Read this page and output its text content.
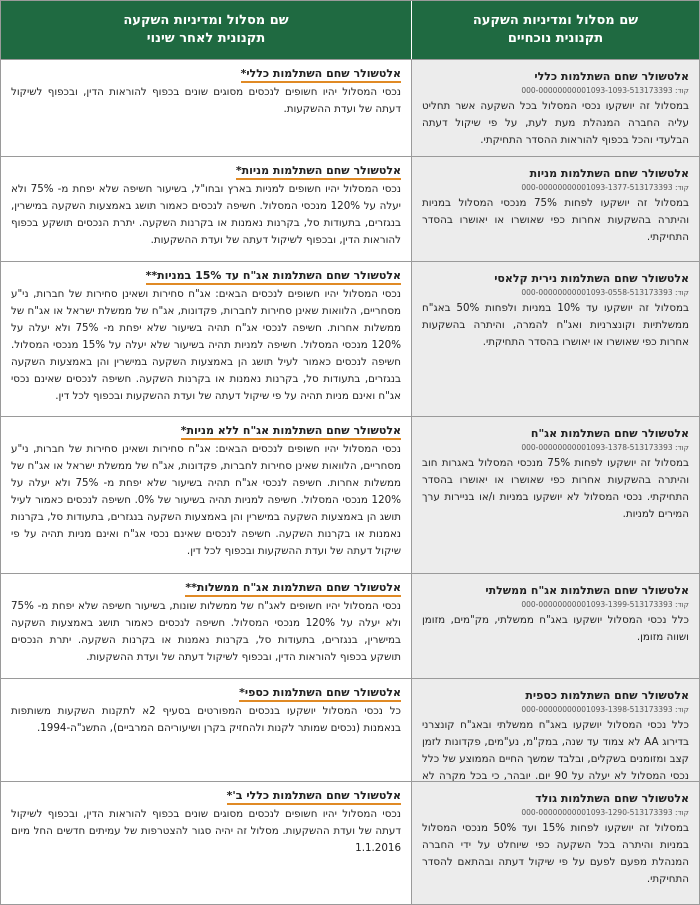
שם מסלול ומדיניות השקעה
תקנונית נוכחיים
שם מסלול ומדיניות השקעה
תקנונית לאחר שינוי
אלטשולר שחם השתלמות כללי
קוד: 000-00000000001093-1093-513173393
במסלול זה יושקעו נכסי המסלול בכל השקעה אשר תחליט עליה החברה המנהלת מעת לעת, על פי שיקול דעתה הבלעדי והכל בכפוף להוראות ההסדר התחיקתי.
אלטשולר שחם השתלמות כללי*
נכסי המסלול יהיו חשופים לנכסים מסוגים שונים בכפוף להוראות הדין, ובכפוף לשיקול דעתה של ועדת ההשקעות.
אלטשולר שחם השתלמות מניות
קוד: 000-00000000001093-1377-513173393
במסלול זה יושקעו לפחות 75% מנכסי המסלול במניות והיתרה בהשקעות אחרות כפי שאושרו או יאושרו בהסדר התחיקתי.
אלטשולר שחם השתלמות מניות*
נכסי המסלול יהיו חשופים למניות בארץ ובחו"ל, בשיעור חשיפה שלא יפחת מ- 75% ולא יעלה על 120% מנכסי המסלול. חשיפה לנכסים כאמור תושג באמצעות השקעה במישרין, בנגזרים, בתעודות סל, בקרנות נאמנות או בקרנות השקעה. יתרת הנכסים תושקע בכפוף להוראות הדין, ובכפוף לשיקול דעתה של ועדת ההשקעות.
אלטשולר שחם השתלמות נירית קלאסי
קוד: 000-00000000001093-0558-513173393
במסלול זה יושקעו עד 10% במניות ולפחות 50% באג"ח ממשלתיות וקונצרניות ואג"ח להמרה, והיתרה בהשקעות אחרות כפי שאושרו או יאושרו בהסדר התחיקתי.
אלטשולר שחם השתלמות אג"ח עד 15% במניות**
נכסי המסלול יהיו חשופים לנכסים הבאים: אג"ח סחירות ושאינן סחירות של חברות, ני"ע מסחריים, הלוואות שאינן סחירות לחברות, פקדונות, אג"ח של ממשלת ישראל או אג"ח של ממשלות אחרות. חשיפה לנכסי אג"ח תהיה בשיעור שלא יפחת מ- 75% ולא יעלה על 120% מנכסי המסלול. חשיפה למניות תהיה בשיעור שלא יעלה על 15% מנכסי המסלול. חשיפה לנכסים כאמור לעיל תושג הן באמצעות השקעה במישרין והן באמצעות השקעה בנגזרים, בתעודות סל, בקרנות נאמנות או בקרנות השקעה. חשיפה לנכסים שאינם נכסי אג"ח ואינם מניות תהיה על פי שיקול דעתה של ועדת ההשקעות ובכפוף לכל דין.
אלטשולר שחם השתלמות אג"ח
קוד: 000-00000000001093-1378-513173393
במסלול זה יושקעו לפחות 75% מנכסי המסלול באגרות חוב והיתרה בהשקעות אחרות כפי שאושרו או יאושרו בהסדר התחיקתי. נכסי המסלול לא יושקעו במניות ו/או בניירות ערך המירים למניות.
אלטשולר שחם השתלמות אג"ח ללא מניות*
נכסי המסלול יהיו חשופים לנכסים הבאים: אג"ח סחירות ושאינן סחירות של חברות, ני"ע מסחריים, הלוואות שאינן סחירות לחברות, פקדונות, אג"ח של ממשלת ישראל או אג"ח של ממשלות אחרות. חשיפה לנכסי אג"ח תהיה בשיעור שלא יפחת מ- 75% ולא יעלה על 120% מנכסי המסלול. חשיפה למניות תהיה בשיעור של 0%. חשיפה לנכסים כאמור לעיל תושג הן באמצעות השקעה במישרין והן באמצעות השקעה בנגזרים, בתעודות סל, בקרנות נאמנות או בקרנות השקעה. חשיפה לנכסים שאינם נכסי אג"ח ואינם מניות תהיה על פי שיקול דעתה של ועדת ההשקעות ובכפוף לכל דין.
אלטשולר שחם השתלמות אג"ח ממשלתי
קוד: 000-00000000001093-1399-513173393
כלל נכסי המסלול יושקעו באג"ח ממשלתי, מק"מים, מזומן ושווה מזומן.
אלטשולר שחם השתלמות אג"ח ממשלות**
נכסי המסלול יהיו חשופים לאג"ח של ממשלות שונות, בשיעור חשיפה שלא יפחת מ- 75% ולא יעלה על 120% מנכסי המסלול. חשיפה לנכסים כאמור תושג באמצעות השקעה במישרין, בנגזרים, בתעודות סל, בקרנות נאמנות או בקרנות השקעה. יתרת הנכסים תושקע בכפוף להוראות הדין, ובכפוף לשיקול דעתה של ועדת ההשקעות.
אלטשולר שחם השתלמות כספית
קוד: 000-00000000001093-1398-513173393
כלל נכסי המסלול יושקעו באג"ח ממשלתי ובאג"ח קונצרני בדירוג AA לא צמוד עד שנה, במק"מ, נע"מים, פקדונות לזמן קצב ומזומנים בשקלים, ובלבד שמשך החיים הממוצע של כלל נכסי המסלול לא יעלה על 90 יום. יובהר, כי בכל מקרה לא
אלטשולר שחם השתלמות כספי*
כל נכסי המסלול יושקעו בנכסים המפורטים בסעיף 2א לתקנות השקעות משותפות בנאמנות (נכסים שמותר לקנות ולהחזיק בקרן ושיעוריהם המרביים), התשנ"ה-1994.
אלטשולר שחם השתלמות גולד
קוד: 000-00000000001093-1290-513173393
במסלול זה יושקעו לפחות 15% ועד 50% מנכסי המסלול במניות והיתרה בכל השקעה כפי שיוחלט על ידי החברה המנהלת מפעם לפעם על פי שיקול דעתה ובהתאם להסדר התחיקתי.
אלטשולר שחם השתלמות כללי ב'*
נכסי המסלול יהיו חשופים לנכסים מסוגים שונים בכפוף להוראות הדין, ובכפוף לשיקול דעתה של ועדת ההשקעות. מסלול זה יהיה סגור להצטרפות של עמיתים חדשים החל מיום 1.1.2016
